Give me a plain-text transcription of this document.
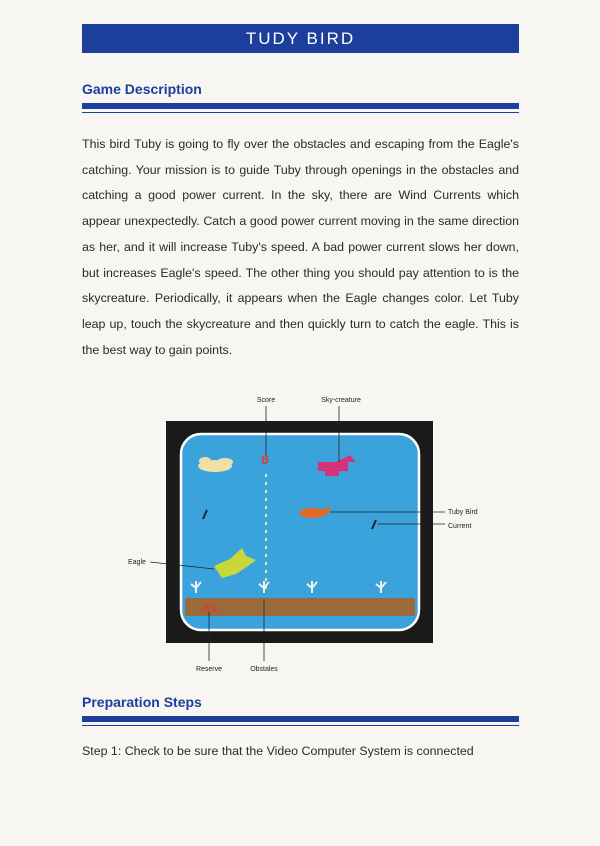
TUDY BIRD
Game Description
This bird Tuby is going to fly over the obstacles and escaping from the Eagle's catching. Your mission is to guide Tuby through openings in the obstacles and catching a good power current. In the sky, there are Wind Currents which appear unexpectedly. Catch a good power current moving in the same direction as her, and it will increase Tuby's speed. A bad power current slows her down, but increases Eagle's speed. The other thing you should pay attention to is the skycreature. Periodically, it appears when the Eagle changes color. Let Tuby leap up, touch the skycreature and then quickly turn to catch the eagle. This is the best way to gain points.
0
X1
Score	Sky-creature
Tuby Bird
Current
Eagle
Reserve	Obstales
Preparation Steps
Step 1: Check to be sure that the Video Computer System is connected
